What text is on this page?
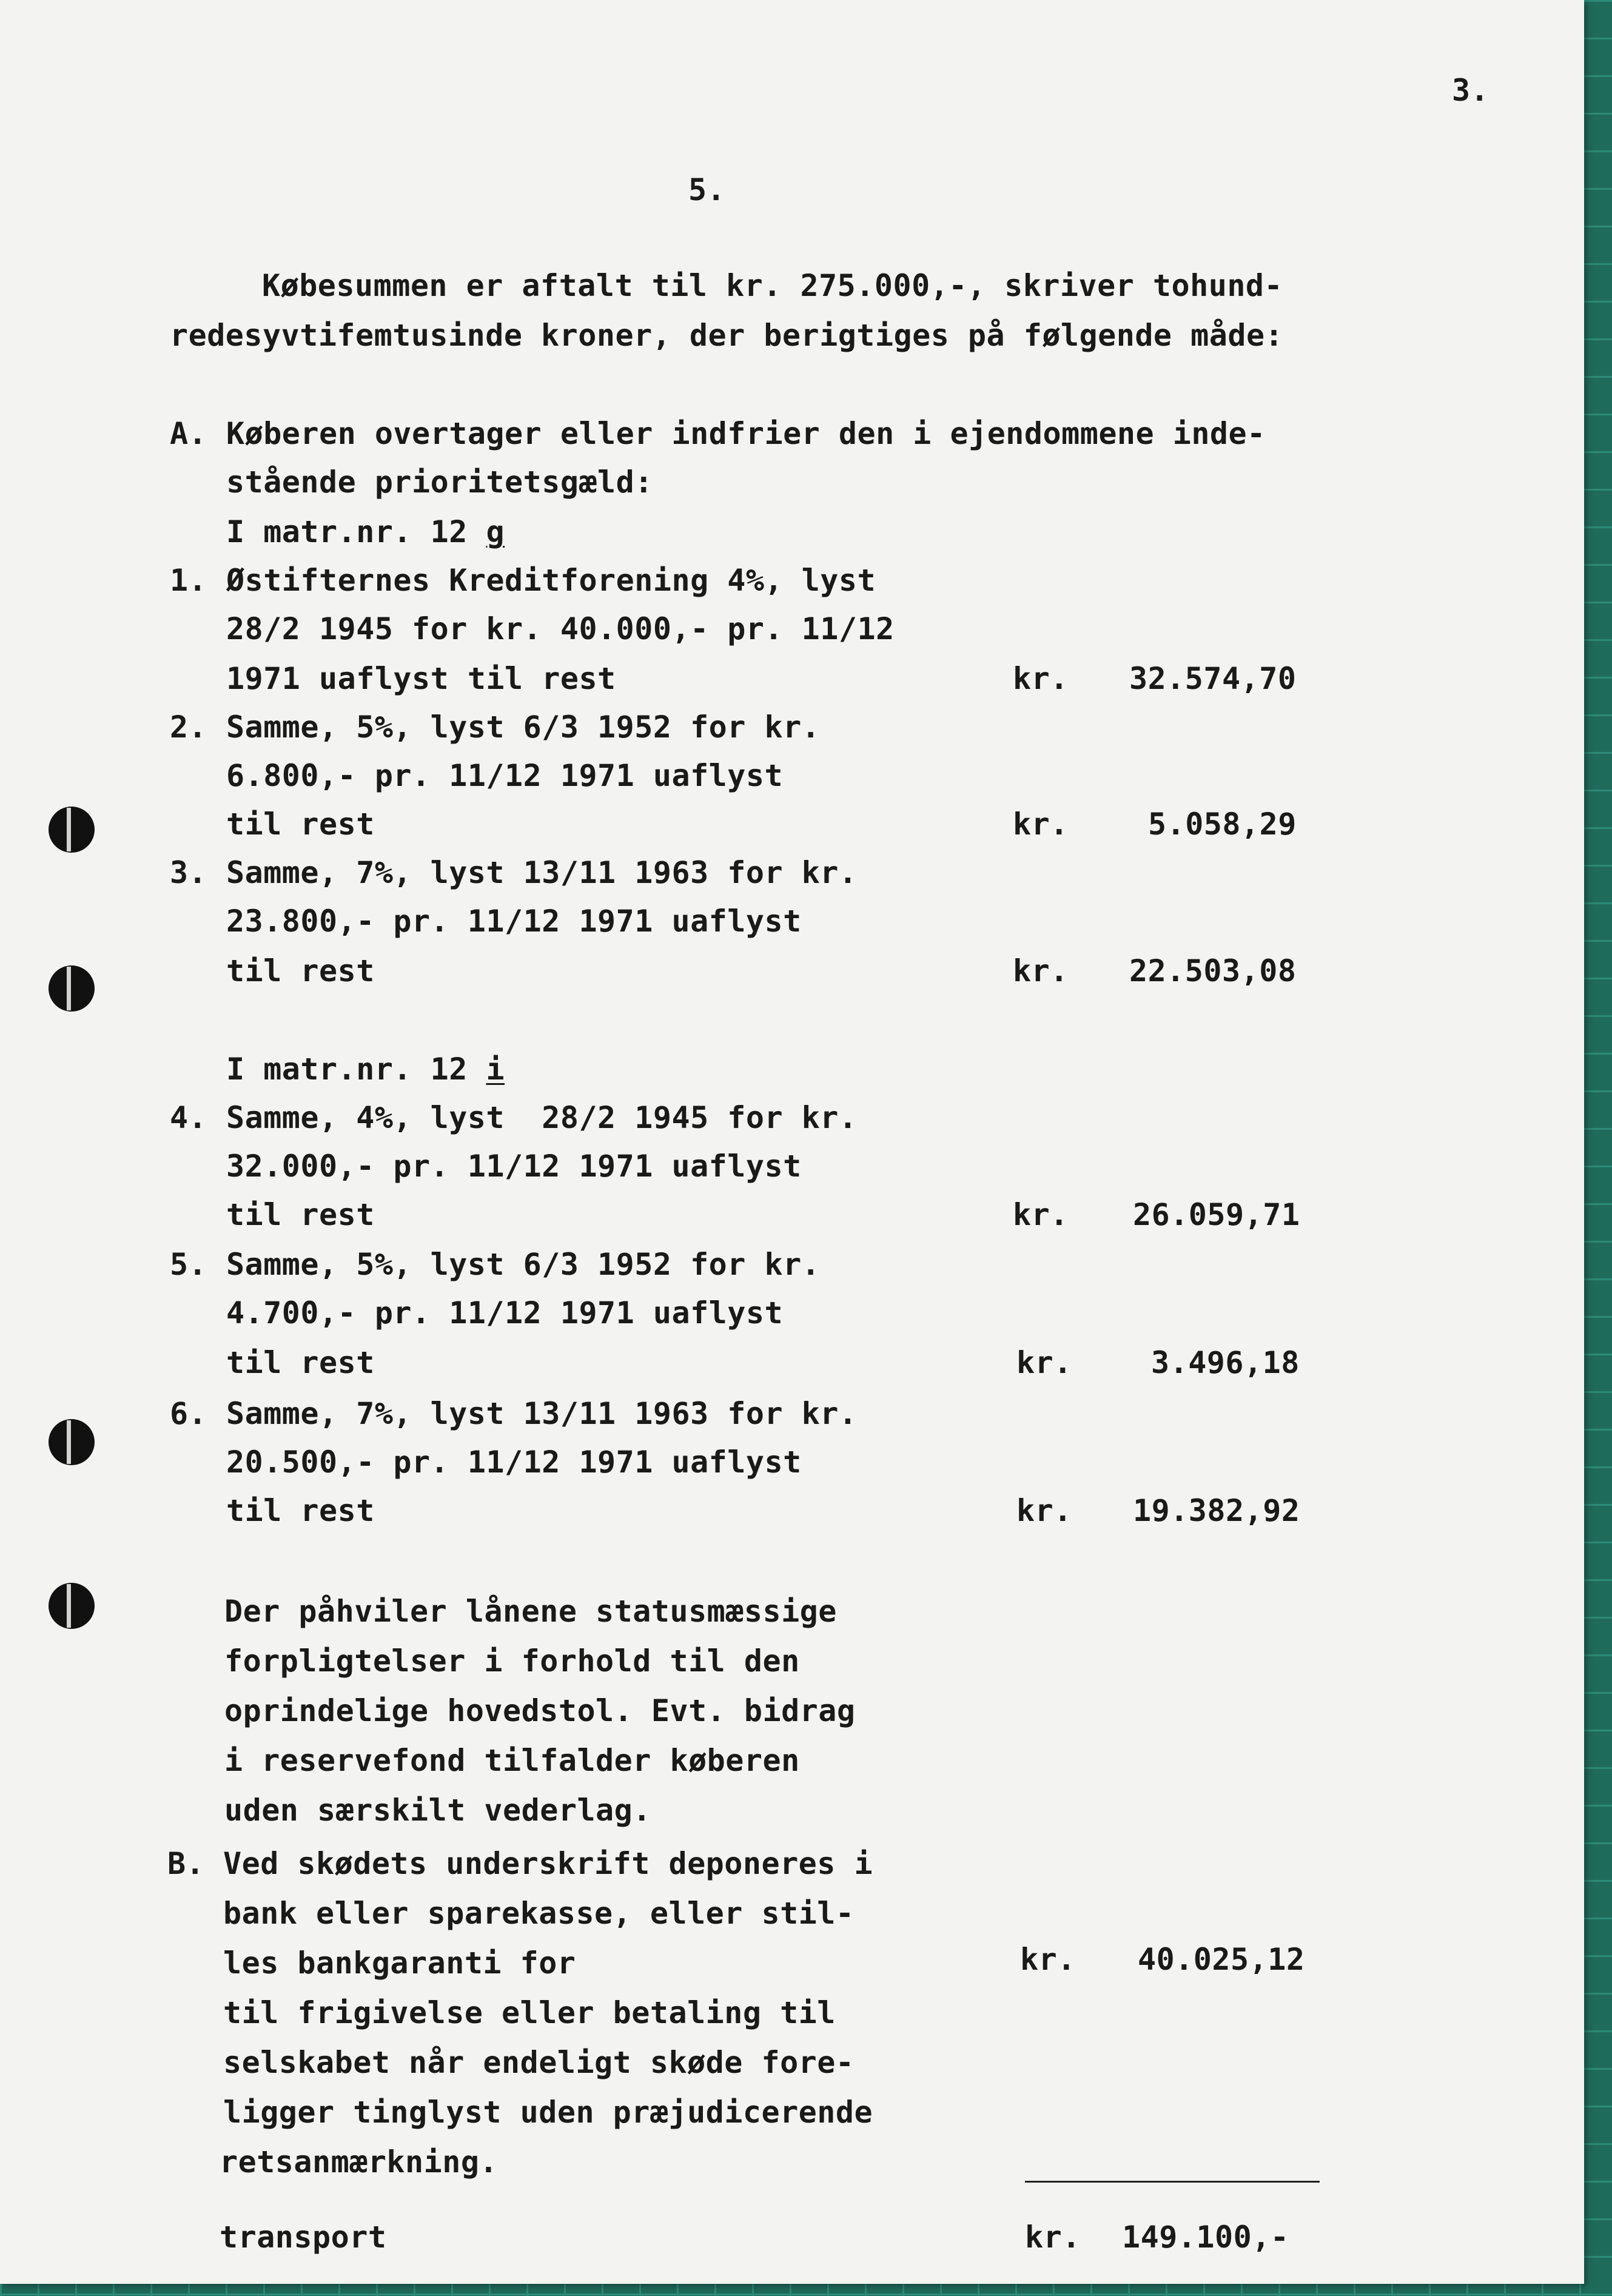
3.
5.
Købesummen er aftalt til kr. 275.000,-, skriver tohund-
redesyvtifemtusinde kroner, der berigtiges på følgende måde:
A. Køberen overtager eller indfrier den i ejendommene inde-
stående prioritetsgæld:
I matr.nr. 12 g
1. Østifternes Kreditforening 4%, lyst
28/2 1945 for kr. 40.000,- pr. 11/12
1971 uaflyst til rest	kr. 32.574,70
2. Samme, 5%, lyst 6/3 1952 for kr.
6.800,- pr. 11/12 1971 uaflyst
til rest	kr.	5.058,29
3. Samme, 7%, lyst 13/11 1963 for kr.
23.800,- pr. 11/12 1971 uaflyst
til rest	kr. 22.503,08
I matr.nr. 12 i
4. Samme, 4%, lyst  28/2 1945 for kr.
32.000,- pr. 11/12 1971 uaflyst
til rest	kr. 26.059,71
5. Samme, 5%, lyst 6/3 1952 for kr.
4.700,- pr. 11/12 1971 uaflyst
til rest	kr.	3.496,18
6. Samme, 7%, lyst 13/11 1963 for kr.
20.500,- pr. 11/12 1971 uaflyst
til rest	kr. 19.382,92
Der påhviler lånene statusmæssige
forpligtelser i forhold til den
oprindelige hovedstol. Evt. bidrag
i reservefond tilfalder køberen
uden særskilt vederlag.
B. Ved skødets underskrift deponeres i
bank eller sparekasse, eller stil-
les bankgaranti for	kr. 40.025,12
til frigivelse eller betaling til
selskabet når endeligt skøde fore-
ligger tinglyst uden præjudicerende
retsanmærkning.
transport	kr. 149.100,-
